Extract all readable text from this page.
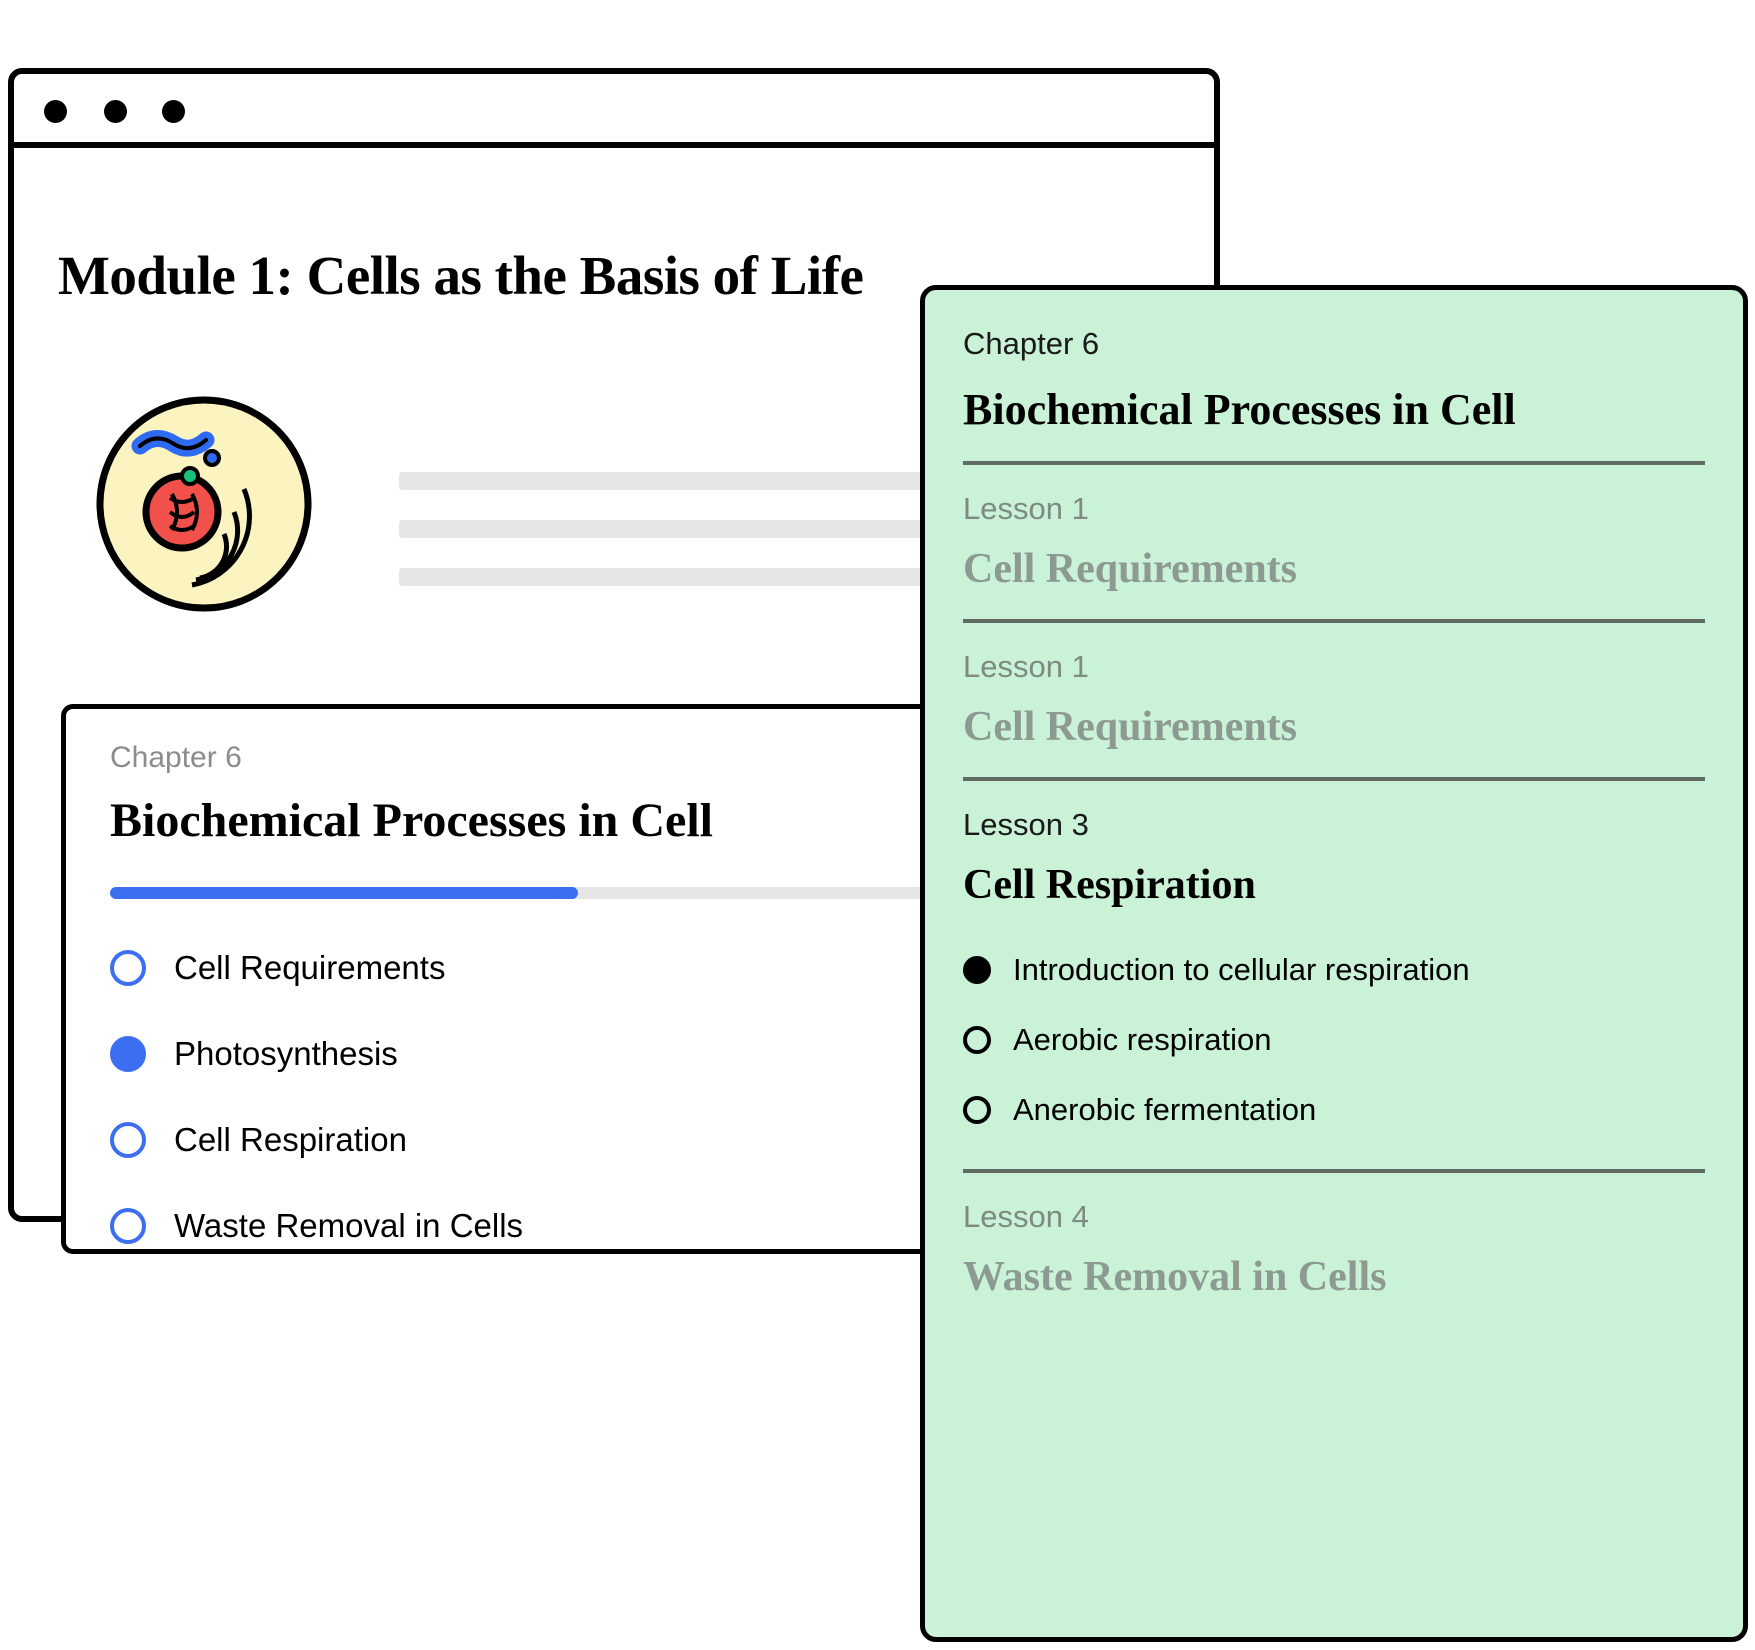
Module 1: Cells as the Basis of Life
Chapter 6
Biochemical Processes in Cell
Cell Requirements
Photosynthesis
Cell Respiration
Waste Removal in Cells
Chapter 6
Biochemical Processes in Cell
Lesson 1
Cell Requirements
Lesson 1
Cell Requirements
Lesson 3
Cell Respiration
Introduction to cellular respiration
Aerobic respiration
Anerobic fermentation
Lesson 4
Waste Removal in Cells
